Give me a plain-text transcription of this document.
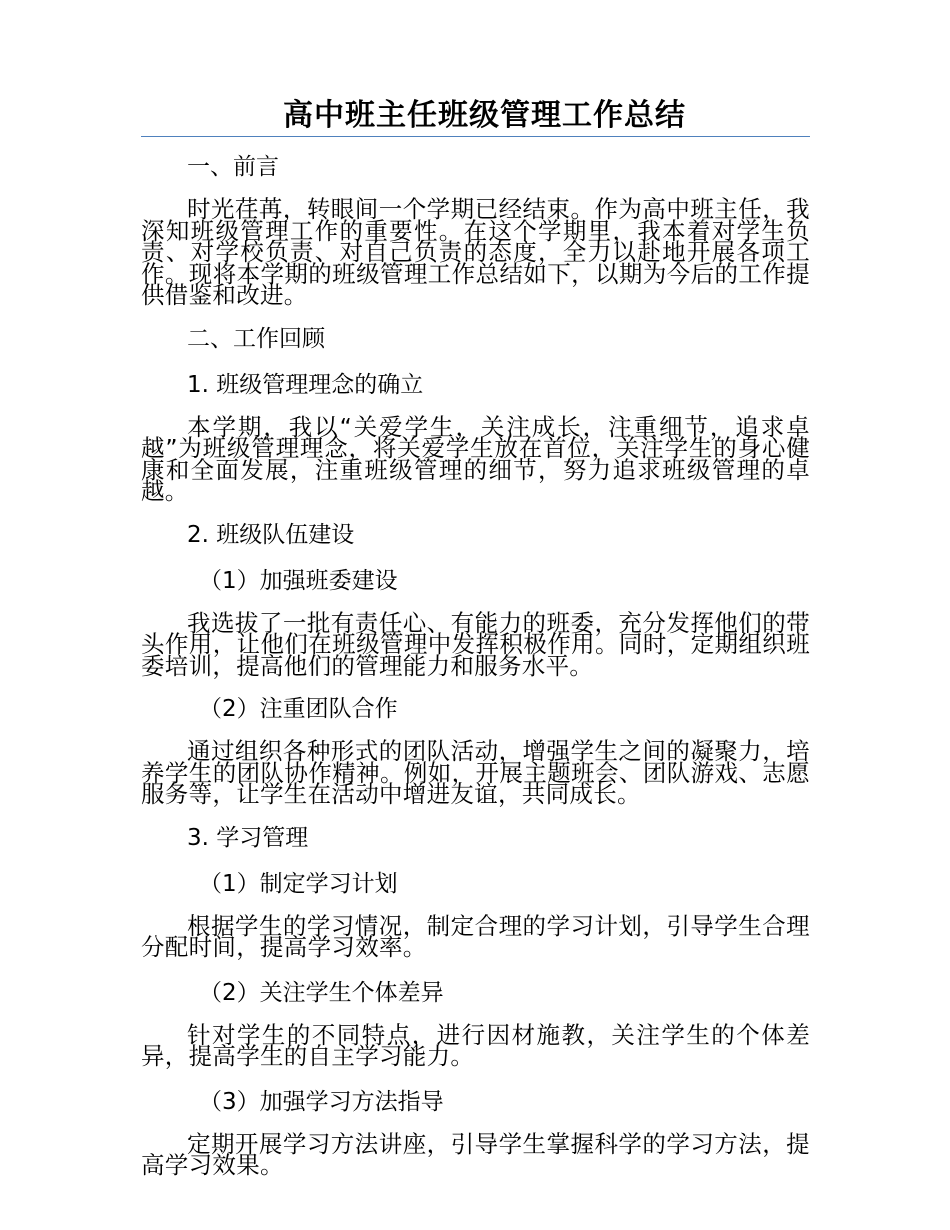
高中班主任班级管理工作总结

一、前言

时光荏苒，转眼间一个学期已经结束。作为高中班主任，我深知班级管理工作的重要性。在这个学期里，我本着对学生负责、对学校负责、对自己负责的态度，全力以赴地开展各项工作。现将本学期的班级管理工作总结如下，以期为今后的工作提供借鉴和改进。

二、工作回顾

1. 班级管理理念的确立

本学期，我以“关爱学生，关注成长，注重细节，追求卓越”为班级管理理念，将关爱学生放在首位，关注学生的身心健康和全面发展，注重班级管理的细节，努力追求班级管理的卓越。

2. 班级队伍建设

（1）加强班委建设

我选拔了一批有责任心、有能力的班委，充分发挥他们的带头作用，让他们在班级管理中发挥积极作用。同时，定期组织班委培训，提高他们的管理能力和服务水平。

（2）注重团队合作

通过组织各种形式的团队活动，增强学生之间的凝聚力，培养学生的团队协作精神。例如，开展主题班会、团队游戏、志愿服务等，让学生在活动中增进友谊，共同成长。

3. 学习管理

（1）制定学习计划

根据学生的学习情况，制定合理的学习计划，引导学生合理分配时间，提高学习效率。

（2）关注学生个体差异

针对学生的不同特点，进行因材施教，关注学生的个体差异，提高学生的自主学习能力。

（3）加强学习方法指导

定期开展学习方法讲座，引导学生掌握科学的学习方法，提高学习效果。
